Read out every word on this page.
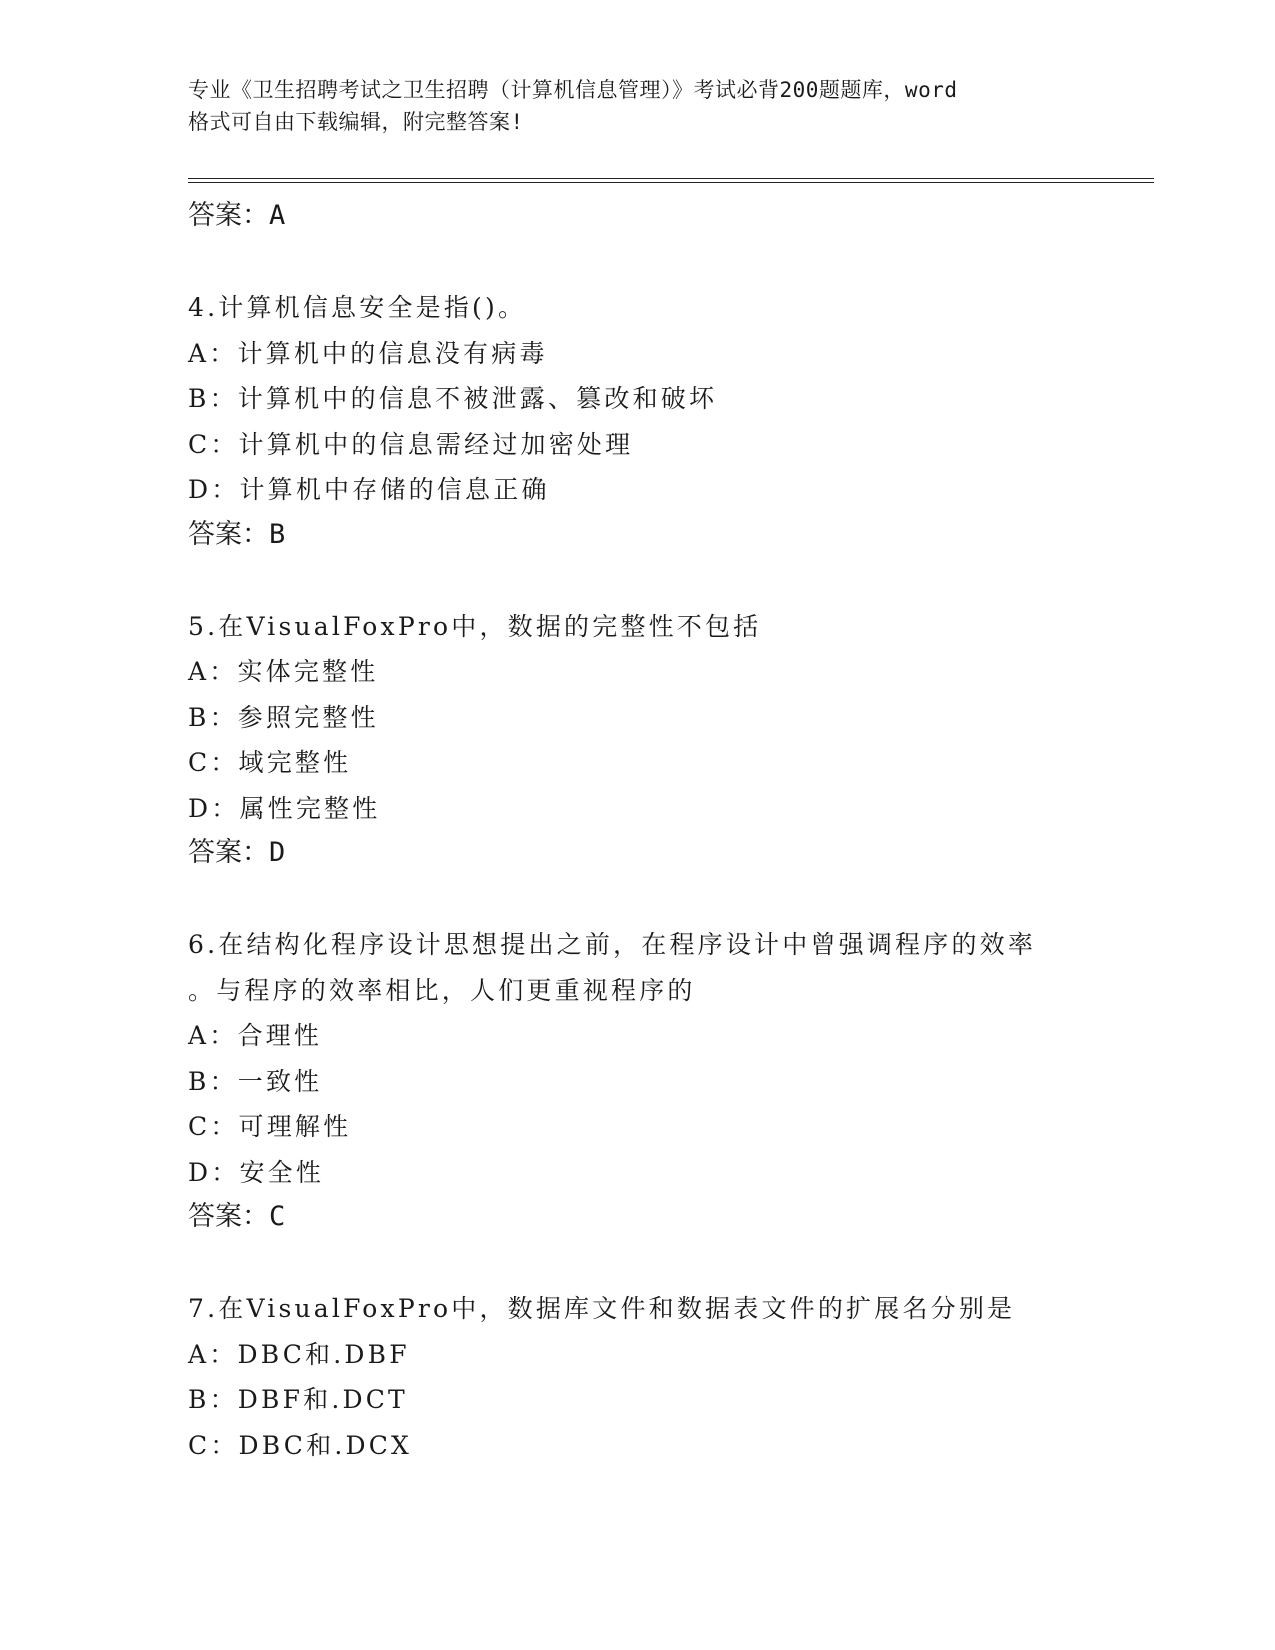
专业《卫生招聘考试之卫生招聘（计算机信息管理）》考试必背200题题库，word
格式可自由下载编辑，附完整答案!

答案：A

4.计算机信息安全是指()。

A：计算机中的信息没有病毒

B：计算机中的信息不被泄露、篡改和破坏

C：计算机中的信息需经过加密处理

D：计算机中存储的信息正确

答案：B

5.在VisualFoxPro中，数据的完整性不包括

A：实体完整性

B：参照完整性

C：域完整性

D：属性完整性

答案：D

6.在结构化程序设计思想提出之前，在程序设计中曾强调程序的效率

。与程序的效率相比，人们更重视程序的

A：合理性

B：一致性

C：可理解性

D：安全性

答案：C

7.在VisualFoxPro中，数据库文件和数据表文件的扩展名分别是

A：DBC和.DBF

B：DBF和.DCT

C：DBC和.DCX
